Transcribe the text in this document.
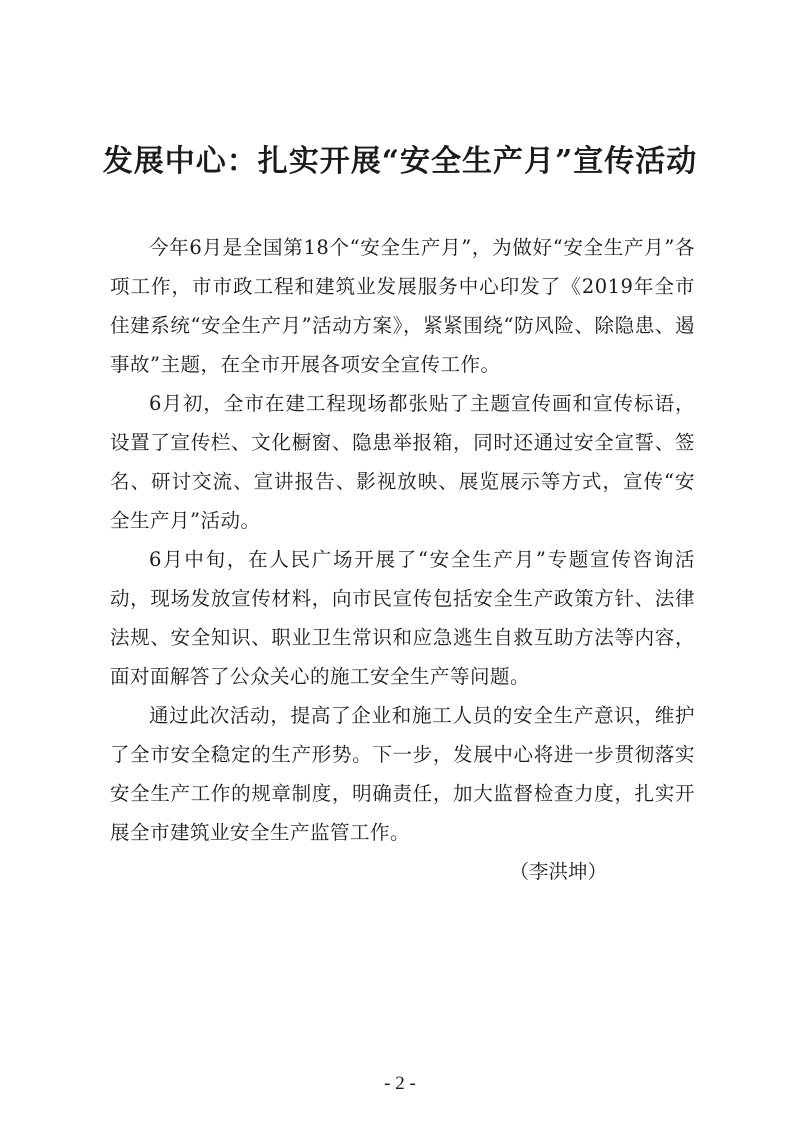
发展中心：扎实开展“安全生产月”宣传活动

今年6月是全国第18个“安全生产月”，为做好“安全生产月”各项工作，市市政工程和建筑业发展服务中心印发了《2019年全市住建系统“安全生产月”活动方案》，紧紧围绕“防风险、除隐患、遏事故”主题，在全市开展各项安全宣传工作。

6月初，全市在建工程现场都张贴了主题宣传画和宣传标语，设置了宣传栏、文化橱窗、隐患举报箱，同时还通过安全宣誓、签名、研讨交流、宣讲报告、影视放映、展览展示等方式，宣传“安全生产月”活动。

6月中旬，在人民广场开展了“安全生产月”专题宣传咨询活动，现场发放宣传材料，向市民宣传包括安全生产政策方针、法律法规、安全知识、职业卫生常识和应急逃生自救互助方法等内容，面对面解答了公众关心的施工安全生产等问题。

通过此次活动，提高了企业和施工人员的安全生产意识，维护了全市安全稳定的生产形势。下一步，发展中心将进一步贯彻落实安全生产工作的规章制度，明确责任，加大监督检查力度，扎实开展全市建筑业安全生产监管工作。

（李洪坤）

- 2 -
